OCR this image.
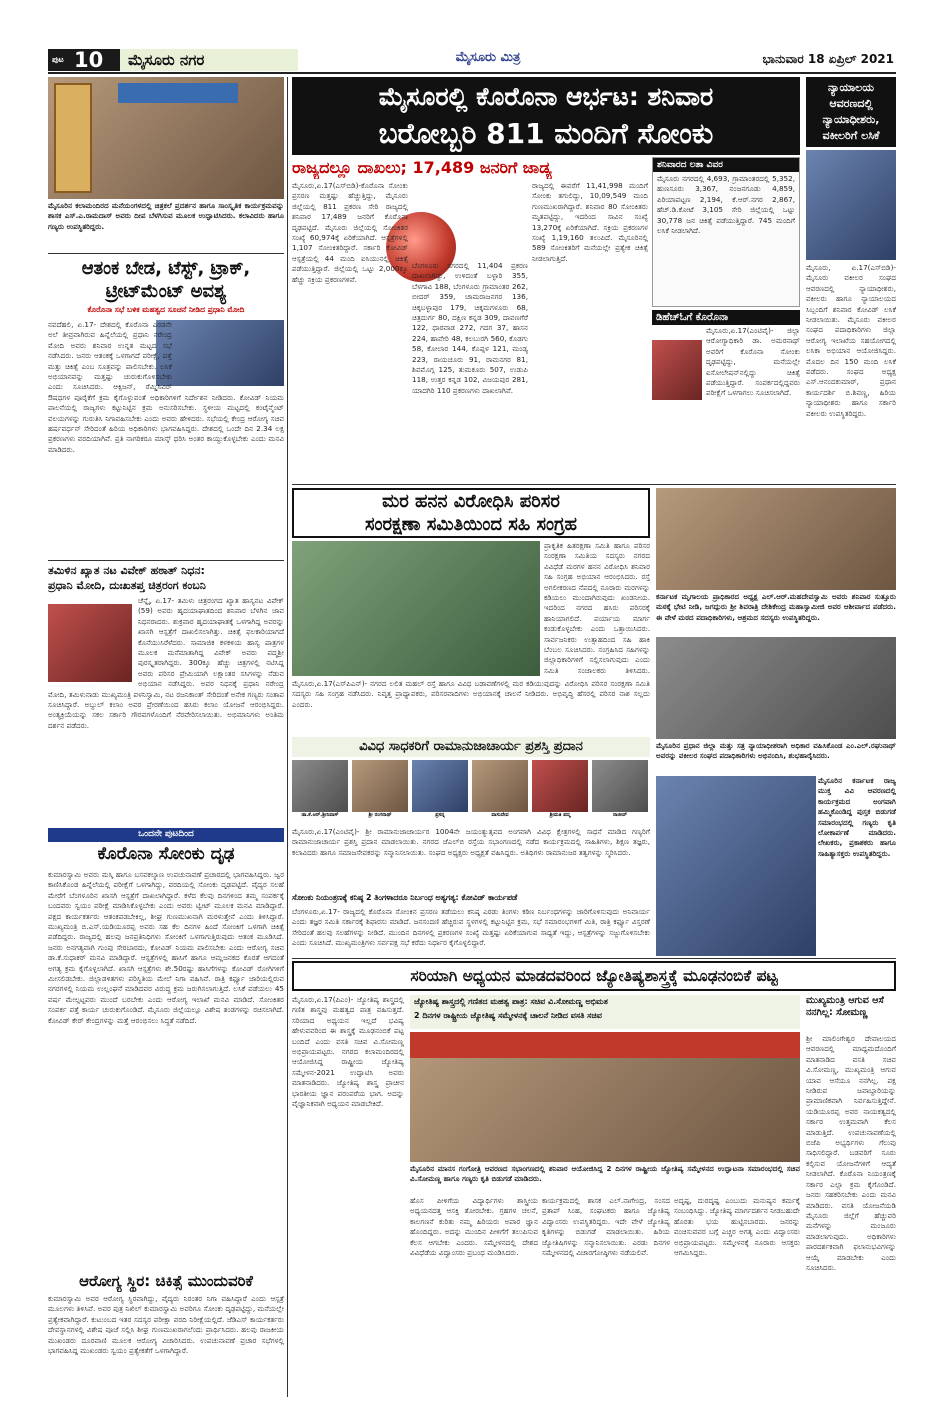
ಪುಟ 10 ಮೈಸೂರು ನಗರ	ಮೈಸೂರು ಮಿತ್ರ	ಭಾನುವಾರ 18 ಏಪ್ರಿಲ್ 2021

ಮೈಸೂರಿನ ಕಲಾಮಂದಿರದ ಮನೆಯಂಗಳದಲ್ಲಿ ಚಿತ್ರಕಲೆ ಪ್ರದರ್ಶನ ಹಾಗೂ ಸಾಂಸ್ಕೃತಿಕ ಕಾರ್ಯಕ್ರಮವನ್ನು ಶಾಸಕ ಎಸ್.ಎ.ರಾಮದಾಸ್ ಅವರು ದೀಪ ಬೆಳಗಿಸುವ ಮೂಲಕ ಉದ್ಘಾಟಿಸಿದರು. ಕಲಾವಿದರು ಹಾಗೂ ಗಣ್ಯರು ಉಪಸ್ಥಿತರಿದ್ದರು.

ಆತಂಕ ಬೇಡ, ಟೆಸ್ಟ್, ಟ್ರಾಕ್, ಟ್ರೀಟ್‌ಮೆಂಟ್ ಅವಶ್ಯ
ಕೊರೊನಾ ಸಭೆ ಬಳಿಕ ಮಹತ್ವದ ಸೂಚನೆ ನೀಡಿದ ಪ್ರಧಾನಿ ಮೋದಿ

ನವದೆಹಲಿ, ಏ.17- ದೇಶದಲ್ಲಿ ಕೊರೊನಾ ಎರಡನೇ ಅಲೆ ತೀವ್ರವಾಗಿರುವ ಹಿನ್ನೆಲೆಯಲ್ಲಿ ಪ್ರಧಾನಿ ನರೇಂದ್ರ ಮೋದಿ ಅವರು ಶನಿವಾರ ಉನ್ನತ ಮಟ್ಟದ ಸಭೆ ನಡೆಸಿದರು. ಜನರು ಆತಂಕಕ್ಕೆ ಒಳಗಾಗದೆ ಪರೀಕ್ಷೆ, ಪತ್ತೆ ಮತ್ತು ಚಿಕಿತ್ಸೆ ಎಂಬ ಸೂತ್ರವನ್ನು ಪಾಲಿಸಬೇಕು. ಲಸಿಕೆ ಅಭಿಯಾನವನ್ನು ಮತ್ತಷ್ಟು ಚುರುಕುಗೊಳಿಸಬೇಕು ಎಂದು ಸೂಚಿಸಿದರು. ಆಕ್ಸಿಜನ್, ರೆಮ್ಡಿಸಿವಿರ್ ಔಷಧಗಳ ಪೂರೈಕೆಗೆ ಕ್ರಮ ಕೈಗೊಳ್ಳುವಂತೆ ಅಧಿಕಾರಿಗಳಿಗೆ ನಿರ್ದೇಶನ ನೀಡಿದರು. ಕೋವಿಡ್ ನಿಯಮ ಪಾಲನೆಯಲ್ಲಿ ರಾಜ್ಯಗಳು ಕಟ್ಟುನಿಟ್ಟಿನ ಕ್ರಮ ಅನುಸರಿಸಬೇಕು. ಸ್ಥಳೀಯ ಮಟ್ಟದಲ್ಲಿ ಕಂಟೈನ್ಮೆಂಟ್ ವಲಯಗಳನ್ನು ಗುರುತಿಸಿ ನಿಗಾವಹಿಸಬೇಕು ಎಂದು ಅವರು ಹೇಳಿದರು. ಸಭೆಯಲ್ಲಿ ಕೇಂದ್ರ ಆರೋಗ್ಯ ಸಚಿವ ಹರ್ಷವರ್ಧನ್ ಸೇರಿದಂತೆ ಹಿರಿಯ ಅಧಿಕಾರಿಗಳು ಭಾಗವಹಿಸಿದ್ದರು. ದೇಶದಲ್ಲಿ ಒಂದೇ ದಿನ 2.34 ಲಕ್ಷ ಪ್ರಕರಣಗಳು ವರದಿಯಾಗಿವೆ. ಪ್ರತಿ ನಾಗರಿಕರೂ ಮಾಸ್ಕ್ ಧರಿಸಿ ಅಂತರ ಕಾಯ್ದುಕೊಳ್ಳಬೇಕು ಎಂದು ಮನವಿ ಮಾಡಿದರು.

ತಮಿಳಿನ ಖ್ಯಾತ ನಟ ವಿವೇಕ್ ಹಠಾತ್ ನಿಧನ:
ಪ್ರಧಾನಿ ಮೋದಿ, ದುಃಖತಪ್ತ ಚಿತ್ರರಂಗ ಕಂಬನಿ

ಚೆನ್ನೈ, ಏ.17- ತಮಿಳು ಚಿತ್ರರಂಗದ ಖ್ಯಾತ ಹಾಸ್ಯನಟ ವಿವೇಕ್ (59) ಅವರು ಹೃದಯಾಘಾತದಿಂದ ಶನಿವಾರ ಬೆಳಗಿನ ಜಾವ ನಿಧನರಾದರು. ಶುಕ್ರವಾರ ಹೃದಯಾಘಾತಕ್ಕೆ ಒಳಗಾಗಿದ್ದ ಅವರನ್ನು ಖಾಸಗಿ ಆಸ್ಪತ್ರೆಗೆ ದಾಖಲಿಸಲಾಗಿತ್ತು. ಚಿಕಿತ್ಸೆ ಫಲಕಾರಿಯಾಗದೆ ಕೊನೆಯುಸಿರೆಳೆದರು. ಸಾಮಾಜಿಕ ಕಳಕಳಿಯ ಹಾಸ್ಯ ಪಾತ್ರಗಳ ಮೂಲಕ ಮನೆಮಾತಾಗಿದ್ದ ವಿವೇಕ್ ಅವರು ಪದ್ಮಶ್ರೀ ಪುರಸ್ಕೃತರಾಗಿದ್ದರು. 300ಕ್ಕೂ ಹೆಚ್ಚು ಚಿತ್ರಗಳಲ್ಲಿ ನಟಿಸಿದ್ದ ಅವರು ಪರಿಸರ ಪ್ರೇಮಿಯಾಗಿ ಲಕ್ಷಾಂತರ ಸಸಿಗಳನ್ನು ನೆಡುವ ಅಭಿಯಾನ ನಡೆಸಿದ್ದರು. ಅವರ ನಿಧನಕ್ಕೆ ಪ್ರಧಾನಿ ನರೇಂದ್ರ ಮೋದಿ, ತಮಿಳುನಾಡು ಮುಖ್ಯಮಂತ್ರಿ ಪಳನಿಸ್ವಾಮಿ, ನಟ ರಜನಿಕಾಂತ್ ಸೇರಿದಂತೆ ಅನೇಕ ಗಣ್ಯರು ಸಂತಾಪ ಸೂಚಿಸಿದ್ದಾರೆ. ಅಬ್ದುಲ್ ಕಲಾಂ ಅವರ ಪ್ರೇರಣೆಯಿಂದ ಹಸಿರು ಕಲಾಂ ಯೋಜನೆ ಆರಂಭಿಸಿದ್ದರು. ಅಂತ್ಯಕ್ರಿಯೆಯನ್ನು ಸಕಲ ಸರ್ಕಾರಿ ಗೌರವಗಳೊಂದಿಗೆ ನೆರವೇರಿಸಲಾಯಿತು. ಅಭಿಮಾನಿಗಳು ಅಂತಿಮ ದರ್ಶನ ಪಡೆದರು.

ಒಂದನೇ ಪುಟದಿಂದ
ಕೊರೊನಾ ಸೋಂಕು ದೃಢ

ಕುಮಾರಸ್ವಾಮಿ ಅವರು ಮಸ್ಕಿ ಹಾಗೂ ಬಸವಕಲ್ಯಾಣ ಉಪಚುನಾವಣೆ ಪ್ರಚಾರದಲ್ಲಿ ಭಾಗವಹಿಸಿದ್ದರು. ಜ್ವರ ಕಾಣಿಸಿಕೊಂಡ ಹಿನ್ನೆಲೆಯಲ್ಲಿ ಪರೀಕ್ಷೆಗೆ ಒಳಗಾಗಿದ್ದು, ವರದಿಯಲ್ಲಿ ಸೋಂಕು ದೃಢಪಟ್ಟಿದೆ. ವೈದ್ಯರ ಸಲಹೆ ಮೇರೆಗೆ ಬೆಂಗಳೂರಿನ ಖಾಸಗಿ ಆಸ್ಪತ್ರೆಗೆ ದಾಖಲಾಗಿದ್ದಾರೆ. ಕಳೆದ ಕೆಲವು ದಿನಗಳಿಂದ ತಮ್ಮ ಸಂಪರ್ಕಕ್ಕೆ ಬಂದವರು ಸ್ವಯಂ ಪರೀಕ್ಷೆ ಮಾಡಿಸಿಕೊಳ್ಳಬೇಕು ಎಂದು ಅವರು ಟ್ವೀಟ್ ಮೂಲಕ ಮನವಿ ಮಾಡಿದ್ದಾರೆ. ಪಕ್ಷದ ಕಾರ್ಯಕರ್ತರು ಆತಂಕಪಡಬೇಕಿಲ್ಲ, ಶೀಘ್ರ ಗುಣಮುಖನಾಗಿ ಮರಳುತ್ತೇನೆ ಎಂದು ತಿಳಿಸಿದ್ದಾರೆ. ಮುಖ್ಯಮಂತ್ರಿ ಬಿ.ಎಸ್.ಯಡಿಯೂರಪ್ಪ ಅವರು ಸಹ ಕೆಲ ದಿನಗಳ ಹಿಂದೆ ಸೋಂಕಿಗೆ ಒಳಗಾಗಿ ಚಿಕಿತ್ಸೆ ಪಡೆದಿದ್ದರು. ರಾಜ್ಯದಲ್ಲಿ ಹಲವು ಜನಪ್ರತಿನಿಧಿಗಳು ಸೋಂಕಿಗೆ ಒಳಗಾಗುತ್ತಿರುವುದು ಆತಂಕ ಮೂಡಿಸಿದೆ. ಜನರು ಅನಗತ್ಯವಾಗಿ ಗುಂಪು ಸೇರಬಾರದು, ಕೋವಿಡ್ ನಿಯಮ ಪಾಲಿಸಬೇಕು ಎಂದು ಆರೋಗ್ಯ ಸಚಿವ ಡಾ.ಕೆ.ಸುಧಾಕರ್ ಮನವಿ ಮಾಡಿದ್ದಾರೆ. ಆಸ್ಪತ್ರೆಗಳಲ್ಲಿ ಹಾಸಿಗೆ ಹಾಗೂ ಆಮ್ಲಜನಕದ ಕೊರತೆ ಆಗದಂತೆ ಅಗತ್ಯ ಕ್ರಮ ಕೈಗೊಳ್ಳಲಾಗಿದೆ. ಖಾಸಗಿ ಆಸ್ಪತ್ರೆಗಳು ಶೇ.50ರಷ್ಟು ಹಾಸಿಗೆಗಳನ್ನು ಕೋವಿಡ್ ರೋಗಿಗಳಿಗೆ ಮೀಸಲಿಡಬೇಕು. ಜಿಲ್ಲಾಡಳಿತಗಳು ಪರಿಸ್ಥಿತಿಯ ಮೇಲೆ ನಿಗಾ ವಹಿಸಿವೆ. ರಾತ್ರಿ ಕರ್ಫ್ಯೂ ಜಾರಿಯಲ್ಲಿರುವ ನಗರಗಳಲ್ಲಿ ನಿಯಮ ಉಲ್ಲಂಘನೆ ಮಾಡಿದವರ ವಿರುದ್ಧ ಕ್ರಮ ಜರುಗಿಸಲಾಗುತ್ತಿದೆ. ಲಸಿಕೆ ಪಡೆಯಲು 45 ವರ್ಷ ಮೇಲ್ಪಟ್ಟವರು ಮುಂದೆ ಬರಬೇಕು ಎಂದು ಆರೋಗ್ಯ ಇಲಾಖೆ ಮನವಿ ಮಾಡಿದೆ. ಸೋಂಕಿತರ ಸಂಪರ್ಕ ಪತ್ತೆ ಕಾರ್ಯ ಚುರುಕುಗೊಂಡಿದೆ. ಮೈಸೂರು ಜಿಲ್ಲೆಯಲ್ಲೂ ವಿಶೇಷ ತಂಡಗಳನ್ನು ರಚಿಸಲಾಗಿದೆ. ಕೋವಿಡ್ ಕೇರ್ ಕೇಂದ್ರಗಳನ್ನು ಮತ್ತೆ ಆರಂಭಿಸಲು ಸಿದ್ಧತೆ ನಡೆದಿದೆ.

ಆರೋಗ್ಯ ಸ್ಥಿರ: ಚಿಕಿತ್ಸೆ ಮುಂದುವರಿಕೆ

ಕುಮಾರಸ್ವಾಮಿ ಅವರ ಆರೋಗ್ಯ ಸ್ಥಿರವಾಗಿದ್ದು, ವೈದ್ಯರು ನಿರಂತರ ನಿಗಾ ವಹಿಸಿದ್ದಾರೆ ಎಂದು ಆಸ್ಪತ್ರೆ ಮೂಲಗಳು ತಿಳಿಸಿವೆ. ಅವರ ಪುತ್ರ ನಿಖಿಲ್ ಕುಮಾರಸ್ವಾಮಿ ಅವರಿಗೂ ಸೋಂಕು ದೃಢಪಟ್ಟಿದ್ದು, ಮನೆಯಲ್ಲೇ ಪ್ರತ್ಯೇಕವಾಗಿದ್ದಾರೆ. ಕುಟುಂಬದ ಇತರ ಸದಸ್ಯರ ಪರೀಕ್ಷಾ ವರದಿ ನಿರೀಕ್ಷೆಯಲ್ಲಿದೆ. ಜೆಡಿಎಸ್ ಕಾರ್ಯಕರ್ತರು ದೇವಸ್ಥಾನಗಳಲ್ಲಿ ವಿಶೇಷ ಪೂಜೆ ಸಲ್ಲಿಸಿ ಶೀಘ್ರ ಗುಣಮುಖರಾಗಲೆಂದು ಪ್ರಾರ್ಥಿಸಿದರು. ಹಲವು ರಾಜಕೀಯ ಮುಖಂಡರು ದೂರವಾಣಿ ಮೂಲಕ ಆರೋಗ್ಯ ವಿಚಾರಿಸಿದರು. ಉಪಚುನಾವಣೆ ಪ್ರಚಾರ ಸಭೆಗಳಲ್ಲಿ ಭಾಗವಹಿಸಿದ್ದ ಮುಖಂಡರು ಸ್ವಯಂ ಪ್ರತ್ಯೇಕತೆಗೆ ಒಳಗಾಗಿದ್ದಾರೆ.

ಮೈಸೂರಲ್ಲಿ ಕೊರೊನಾ ಆರ್ಭಟ: ಶನಿವಾರ
ಬರೋಬ್ಬರಿ 811 ಮಂದಿಗೆ ಸೋಂಕು
ರಾಜ್ಯದಲ್ಲೂ ದಾಖಲು; 17,489 ಜನರಿಗೆ ಜಾಡ್ಯ

ಮೈಸೂರು,ಏ.17(ಎಸ್‌ಬಿಡಿ)-ಕೊರೊನಾ ಸೋಂಕು ಪ್ರಸರಣ ಮತ್ತಷ್ಟು ಹೆಚ್ಚುತ್ತಿದ್ದು, ಮೈಸೂರು ಜಿಲ್ಲೆಯಲ್ಲಿ 811 ಪ್ರಕರಣ ಸೇರಿ ರಾಜ್ಯದಲ್ಲಿ ಶನಿವಾರ 17,489 ಜನರಿಗೆ ಕೊರೊನಾ ದೃಢಪಟ್ಟಿದೆ. ಮೈಸೂರು ಜಿಲ್ಲೆಯಲ್ಲಿ ಸೋಂಕಿತರ ಸಂಖ್ಯೆ 60,974ಕ್ಕೆ ಏರಿಕೆಯಾಗಿದೆ. ಆಸ್ಪತ್ರೆಗಳಲ್ಲಿ 1,107 ಸೋಂಕಿತರಿದ್ದಾರೆ. ಸರ್ಕಾರಿ ಕೋವಿಡ್ ಆಸ್ಪತ್ರೆಯಲ್ಲಿ 44 ಮಂದಿ ಐಸಿಯುನಲ್ಲಿ ಚಿಕಿತ್ಸೆ ಪಡೆಯುತ್ತಿದ್ದಾರೆ. ಜಿಲ್ಲೆಯಲ್ಲಿ ಒಟ್ಟು 2,000ಕ್ಕೂ ಹೆಚ್ಚು ಸಕ್ರಿಯ ಪ್ರಕರಣಗಳಿವೆ.

ಬೆಂಗಳೂರು ನಗರದಲ್ಲಿ 11,404 ಪ್ರಕರಣ ದಾಖಲಾಗಿದ್ದು, ಉಳಿದಂತೆ ಬಳ್ಳಾರಿ 355, ಬೆಳಗಾವಿ 188, ಬೆಂಗಳೂರು ಗ್ರಾಮಾಂತರ 262, ಬೀದರ್ 359, ಚಾಮರಾಜನಗರ 136, ಚಿಕ್ಕಬಳ್ಳಾಪುರ 179, ಚಿಕ್ಕಮಗಳೂರು 68, ಚಿತ್ರದುರ್ಗ 80, ದಕ್ಷಿಣ ಕನ್ನಡ 309, ದಾವಣಗೆರೆ 122, ಧಾರವಾಡ 272, ಗದಗ 37, ಹಾಸನ 224, ಹಾವೇರಿ 48, ಕಲಬುರಗಿ 560, ಕೊಡಗು 58, ಕೋಲಾರ 144, ಕೊಪ್ಪಳ 121, ಮಂಡ್ಯ 223, ರಾಯಚೂರು 91, ರಾಮನಗರ 81, ಶಿವಮೊಗ್ಗ 125, ತುಮಕೂರು 507, ಉಡುಪಿ 118, ಉತ್ತರ ಕನ್ನಡ 102, ವಿಜಯಪುರ 281, ಯಾದಗಿರಿ 110 ಪ್ರಕರಣಗಳು ದಾಖಲಾಗಿವೆ.

ರಾಜ್ಯದಲ್ಲಿ ಈವರೆಗೆ 11,41,998 ಮಂದಿಗೆ ಸೋಂಕು ತಗುಲಿದ್ದು, 10,09,549 ಮಂದಿ ಗುಣಮುಖರಾಗಿದ್ದಾರೆ. ಶನಿವಾರ 80 ಸೋಂಕಿತರು ಮೃತಪಟ್ಟಿದ್ದು, ಇದರಿಂದ ಸಾವಿನ ಸಂಖ್ಯೆ 13,270ಕ್ಕೆ ಏರಿಕೆಯಾಗಿದೆ. ಸಕ್ರಿಯ ಪ್ರಕರಣಗಳ ಸಂಖ್ಯೆ 1,19,160 ತಲುಪಿದೆ. ಮೈಸೂರಿನಲ್ಲಿ 589 ಸೋಂಕಿತರಿಗೆ ಮನೆಯಲ್ಲೇ ಪ್ರತ್ಯೇಕ ಚಿಕಿತ್ಸೆ ನೀಡಲಾಗುತ್ತಿದೆ.

ಶನಿವಾರದ ಲತಾ ವಿವರ
ಮೈಸೂರು ನಗರದಲ್ಲಿ 4,693, ಗ್ರಾಮಾಂತರದಲ್ಲಿ 5,352, ಹುಣಸೂರು 3,367, ನಂಜನಗೂಡು 4,859, ಪಿರಿಯಾಪಟ್ಟಣ 2,194, ಕೆ.ಆರ್.ನಗರ 2,867, ಹೆಚ್.ಡಿ.ಕೋಟೆ 3,105 ಸೇರಿ ಜಿಲ್ಲೆಯಲ್ಲಿ ಒಟ್ಟು 30,778 ಜನ ಚಿಕಿತ್ಸೆ ಪಡೆಯುತ್ತಿದ್ದಾರೆ. 745 ಮಂದಿಗೆ ಲಸಿಕೆ ನೀಡಲಾಗಿದೆ.
ಡಿಹೆಚ್‌ಓಗೆ ಕೊರೊನಾ

ಮೈಸೂರು,ಏ.17(ಎಂಟಿವೈ)- ಜಿಲ್ಲಾ ಆರೋಗ್ಯಾಧಿಕಾರಿ ಡಾ. ಅಮರನಾಥ್ ಅವರಿಗೆ ಕೊರೊನಾ ಸೋಂಕು ದೃಢಪಟ್ಟಿದ್ದು, ಮನೆಯಲ್ಲೇ ಐಸೋಲೇಷನ್‌ನಲ್ಲಿದ್ದು ಚಿಕಿತ್ಸೆ ಪಡೆಯುತ್ತಿದ್ದಾರೆ. ಸಂಪರ್ಕದಲ್ಲಿದ್ದವರು ಪರೀಕ್ಷೆಗೆ ಒಳಗಾಗಲು ಸೂಚಿಸಲಾಗಿದೆ.

ನ್ಯಾಯಾಲಯ ಆವರಣದಲ್ಲಿ ನ್ಯಾಯಾಧೀಶರು, ವಕೀಲರಿಗೆ ಲಸಿಕೆ

ಮೈಸೂರು, ಏ.17(ಎಸ್‌ಬಿಡಿ)- ಮೈಸೂರು ವಕೀಲರ ಸಂಘದ ಆವರಣದಲ್ಲಿ ನ್ಯಾಯಾಧೀಶರು, ವಕೀಲರು ಹಾಗೂ ನ್ಯಾಯಾಲಯದ ಸಿಬ್ಬಂದಿಗೆ ಶನಿವಾರ ಕೋವಿಡ್ ಲಸಿಕೆ ನೀಡಲಾಯಿತು. ಮೈಸೂರು ವಕೀಲರ ಸಂಘದ ಪದಾಧಿಕಾರಿಗಳು ಜಿಲ್ಲಾ ಆರೋಗ್ಯ ಇಲಾಖೆಯ ಸಹಯೋಗದಲ್ಲಿ ಲಸಿಕಾ ಅಭಿಯಾನ ಆಯೋಜಿಸಿದ್ದರು. ಮೊದಲ ದಿನ 150 ಮಂದಿ ಲಸಿಕೆ ಪಡೆದರು. ಸಂಘದ ಅಧ್ಯಕ್ಷ ಎಸ್.ಆನಂದಕುಮಾರ್, ಪ್ರಧಾನ ಕಾರ್ಯದರ್ಶಿ ಬಿ.ಶಿವಣ್ಣ, ಹಿರಿಯ ನ್ಯಾಯಾಧೀಶರು ಹಾಗೂ ಸರ್ಕಾರಿ ವಕೀಲರು ಉಪಸ್ಥಿತರಿದ್ದರು.

ಮರ ಹನನ ವಿರೋಧಿಸಿ ಪರಿಸರ
ಸಂರಕ್ಷಣಾ ಸಮಿತಿಯಿಂದ ಸಹಿ ಸಂಗ್ರಹ

ಪ್ರಾಕೃತಿಕ ಹಿತರಕ್ಷಣಾ ಸಮಿತಿ ಹಾಗೂ ಪರಿಸರ ಸಂರಕ್ಷಣಾ ಸಮಿತಿಯ ಸದಸ್ಯರು ನಗರದ ವಿವಿಧೆಡೆ ಮರಗಳ ಹನನ ವಿರೋಧಿಸಿ ಶನಿವಾರ ಸಹಿ ಸಂಗ್ರಹ ಅಭಿಯಾನ ಆರಂಭಿಸಿದರು. ರಸ್ತೆ ಅಗಲೀಕರಣದ ನೆಪದಲ್ಲಿ ನೂರಾರು ಮರಗಳನ್ನು ಕಡಿಯಲು ಮುಂದಾಗಿರುವುದು ಖಂಡನೀಯ. ಇದರಿಂದ ನಗರದ ಹಸಿರು ಪರಿಸರಕ್ಕೆ ಹಾನಿಯಾಗಲಿದೆ. ಪರ್ಯಾಯ ಮಾರ್ಗ ಕಂಡುಕೊಳ್ಳಬೇಕು ಎಂದು ಒತ್ತಾಯಿಸಿದರು. ಸಾರ್ವಜನಿಕರು ಉತ್ಸಾಹದಿಂದ ಸಹಿ ಹಾಕಿ ಬೆಂಬಲ ಸೂಚಿಸಿದರು. ಸಂಗ್ರಹಿಸಿದ ಸಹಿಗಳನ್ನು ಜಿಲ್ಲಾಧಿಕಾರಿಗಳಿಗೆ ಸಲ್ಲಿಸಲಾಗುವುದು ಎಂದು ಸಮಿತಿ ಸಂಚಾಲಕರು ತಿಳಿಸಿದರು.

ಮೈಸೂರು,ಏ.17(ಎಸ್‌ಪಿಎನ್)- ನಗರದ ಲಲಿತ ಮಹಲ್ ರಸ್ತೆ ಹಾಗೂ ವಿವಿಧ ಬಡಾವಣೆಗಳಲ್ಲಿ ಮರ ಕಡಿಯುವುದನ್ನು ವಿರೋಧಿಸಿ ಪರಿಸರ ಸಂರಕ್ಷಣಾ ಸಮಿತಿ ಸದಸ್ಯರು ಸಹಿ ಸಂಗ್ರಹ ನಡೆಸಿದರು. ನಿವೃತ್ತ ಪ್ರಾಧ್ಯಾಪಕರು, ಪರಿಸರವಾದಿಗಳು ಅಭಿಯಾನಕ್ಕೆ ಚಾಲನೆ ನೀಡಿದರು. ಅಭಿವೃದ್ಧಿ ಹೆಸರಲ್ಲಿ ಪರಿಸರ ನಾಶ ಸಲ್ಲದು ಎಂದರು.

ವಿವಿಧ ಸಾಧಕರಿಗೆ ರಾಮಾನುಜಾಚಾರ್ಯ ಪ್ರಶಸ್ತಿ ಪ್ರದಾನ
ಡಾ.ಕೆ.ಆರ್.ಶ್ರೀನಿವಾಸ್	ಶ್ರೀ ರಂಗನಾಥ್	ಪ್ರಸನ್ನ	ವಾಸುದೇವ	ಶ್ರೀಮತಿ ಪದ್ಮ	ರಾಜೀವ್

ಮೈಸೂರು,ಏ.17(ಎಂಟಿವೈ)- ಶ್ರೀ ರಾಮಾನುಜಾಚಾರ್ಯರ 1004ನೇ ಜಯಂತ್ಯುತ್ಸವದ ಅಂಗವಾಗಿ ವಿವಿಧ ಕ್ಷೇತ್ರಗಳಲ್ಲಿ ಸಾಧನೆ ಮಾಡಿದ ಗಣ್ಯರಿಗೆ ರಾಮಾನುಜಾಚಾರ್ಯ ಪ್ರಶಸ್ತಿ ಪ್ರದಾನ ಮಾಡಲಾಯಿತು. ನಗರದ ಜೆಎಲ್‌ಬಿ ರಸ್ತೆಯ ಸಭಾಂಗಣದಲ್ಲಿ ನಡೆದ ಕಾರ್ಯಕ್ರಮದಲ್ಲಿ ಸಾಹಿತಿಗಳು, ಶಿಕ್ಷಣ ತಜ್ಞರು, ಕಲಾವಿದರು ಹಾಗೂ ಸಮಾಜಸೇವಕರನ್ನು ಸನ್ಮಾನಿಸಲಾಯಿತು. ಸಂಘದ ಅಧ್ಯಕ್ಷರು ಅಧ್ಯಕ್ಷತೆ ವಹಿಸಿದ್ದರು. ಅತಿಥಿಗಳು ರಾಮಾನುಜರ ತತ್ವಗಳನ್ನು ಸ್ಮರಿಸಿದರು.

ಸೋಂಕು ನಿಯಂತ್ರಣಕ್ಕೆ ಕನಿಷ್ಠ 2 ತಿಂಗಳಾದರೂ ನಿರ್ಬಂಧ ಅತ್ಯಗತ್ಯ: ಕೋವಿಡ್ ಕಾರ್ಯಪಡೆ

ಬೆಂಗಳೂರು,ಏ.17- ರಾಜ್ಯದಲ್ಲಿ ಕೊರೊನಾ ಸೋಂಕಿನ ಪ್ರಸರಣ ತಡೆಯಲು ಕನಿಷ್ಠ ಎರಡು ತಿಂಗಳು ಕಠಿಣ ನಿರ್ಬಂಧಗಳನ್ನು ಜಾರಿಗೊಳಿಸುವುದು ಅನಿವಾರ್ಯ ಎಂದು ತಜ್ಞರ ಸಮಿತಿ ಸರ್ಕಾರಕ್ಕೆ ಶಿಫಾರಸು ಮಾಡಿದೆ. ಜನಸಂದಣಿ ಹೆಚ್ಚಿರುವ ಸ್ಥಳಗಳಲ್ಲಿ ಕಟ್ಟುನಿಟ್ಟಿನ ಕ್ರಮ, ಸಭೆ ಸಮಾರಂಭಗಳಿಗೆ ಮಿತಿ, ರಾತ್ರಿ ಕರ್ಫ್ಯೂ ವಿಸ್ತರಣೆ ಸೇರಿದಂತೆ ಹಲವು ಸಲಹೆಗಳನ್ನು ನೀಡಿದೆ. ಮುಂದಿನ ದಿನಗಳಲ್ಲಿ ಪ್ರಕರಣಗಳ ಸಂಖ್ಯೆ ಮತ್ತಷ್ಟು ಏರಿಕೆಯಾಗುವ ಸಾಧ್ಯತೆ ಇದ್ದು, ಆಸ್ಪತ್ರೆಗಳನ್ನು ಸಜ್ಜುಗೊಳಿಸಬೇಕು ಎಂದು ಸೂಚಿಸಿದೆ. ಮುಖ್ಯಮಂತ್ರಿಗಳು ಸರ್ವಪಕ್ಷ ಸಭೆ ಕರೆದು ನಿರ್ಧಾರ ಕೈಗೊಳ್ಳಲಿದ್ದಾರೆ.

ಕರ್ನಾಟಕ ಮೃಗಾಲಯ ಪ್ರಾಧಿಕಾರದ ಅಧ್ಯಕ್ಷ ಎಲ್.ಆರ್.ಮಹದೇವಸ್ವಾಮಿ ಅವರು ಶನಿವಾರ ಸುತ್ತೂರು ಮಠಕ್ಕೆ ಭೇಟಿ ನೀಡಿ, ಜಗದ್ಗುರು ಶ್ರೀ ಶಿವರಾತ್ರಿ ದೇಶಿಕೇಂದ್ರ ಮಹಾಸ್ವಾಮೀಜಿ ಅವರ ಆಶೀರ್ವಾದ ಪಡೆದರು. ಈ ವೇಳೆ ಮಠದ ಪದಾಧಿಕಾರಿಗಳು, ಆಶ್ರಮದ ಸದಸ್ಯರು ಉಪಸ್ಥಿತರಿದ್ದರು.

ಮೈಸೂರಿನ ಪ್ರಧಾನ ಜಿಲ್ಲಾ ಮತ್ತು ಸತ್ರ ನ್ಯಾಯಾಧೀಶರಾಗಿ ಅಧಿಕಾರ ವಹಿಸಿಕೊಂಡ ಎಂ.ಎಲ್.ರಘುನಾಥ್ ಅವರನ್ನು ವಕೀಲರ ಸಂಘದ ಪದಾಧಿಕಾರಿಗಳು ಅಭಿನಂದಿಸಿ, ಶುಭಹಾರೈಸಿದರು.

ಮೈಸೂರಿನ ಕರ್ನಾಟಕ ರಾಜ್ಯ ಮುಕ್ತ ವಿವಿ ಆವರಣದಲ್ಲಿ ಕಾರ್ಯಕ್ರಮದ ಅಂಗವಾಗಿ ಹಮ್ಮಿಕೊಂಡಿದ್ದ ಪುಸ್ತಕ ಬಿಡುಗಡೆ ಸಮಾರಂಭದಲ್ಲಿ ಗಣ್ಯರು ಕೃತಿ ಲೋಕಾರ್ಪಣೆ ಮಾಡಿದರು. ಲೇಖಕರು, ಪ್ರಕಾಶಕರು ಹಾಗೂ ಸಾಹಿತ್ಯಾಸಕ್ತರು ಉಪಸ್ಥಿತರಿದ್ದರು.

ಸರಿಯಾಗಿ ಅಧ್ಯಯನ ಮಾಡದವರಿಂದ ಜ್ಯೋತಿಷ್ಯಶಾಸ್ತ್ರಕ್ಕೆ ಮೂಢನಂಬಿಕೆ ಪಟ್ಟ

ಮೈಸೂರು,ಏ.17(ಪಿಎಂ)- ಜ್ಯೋತಿಷ್ಯ ಶಾಸ್ತ್ರದಲ್ಲಿ ಗಣಿತ ಶಾಸ್ತ್ರವು ಮಹತ್ವದ ಪಾತ್ರ ವಹಿಸುತ್ತದೆ. ಸರಿಯಾದ ಅಧ್ಯಯನ ಇಲ್ಲದೆ ಭವಿಷ್ಯ ಹೇಳುವವರಿಂದ ಈ ಶಾಸ್ತ್ರಕ್ಕೆ ಮೂಢನಂಬಿಕೆ ಪಟ್ಟ ಬಂದಿದೆ ಎಂದು ವಸತಿ ಸಚಿವ ವಿ.ಸೋಮಣ್ಣ ಅಭಿಪ್ರಾಯಪಟ್ಟರು. ನಗರದ ಕಲಾಮಂದಿರದಲ್ಲಿ ಆಯೋಜಿಸಿದ್ದ ರಾಷ್ಟ್ರೀಯ ಜ್ಯೋತಿಷ್ಯ ಸಮ್ಮೇಳನ-2021 ಉದ್ಘಾಟಿಸಿ ಅವರು ಮಾತನಾಡಿದರು. ಜ್ಯೋತಿಷ್ಯ ಶಾಸ್ತ್ರ ಪ್ರಾಚೀನ ಭಾರತೀಯ ಜ್ಞಾನ ಪರಂಪರೆಯ ಭಾಗ. ಅದನ್ನು ವೈಜ್ಞಾನಿಕವಾಗಿ ಅಧ್ಯಯನ ಮಾಡಬೇಕಿದೆ.

ಜ್ಯೋತಿಷ್ಯ ಶಾಸ್ತ್ರದಲ್ಲಿ ಗಣಿತದ ಮಹತ್ವ ಪಾತ್ರ: ಸಚಿವ ವಿ.ಸೋಮಣ್ಣ ಅಭಿಮತ
2 ದಿನಗಳ ರಾಷ್ಟ್ರೀಯ ಜ್ಯೋತಿಷ್ಯ ಸಮ್ಮೇಳನಕ್ಕೆ ಚಾಲನೆ ನೀಡಿದ ವಸತಿ ಸಚಿವ

ಮೈಸೂರಿನ ಮಾನಸ ಗಂಗೋತ್ರಿ ಆವರಣದ ಸಭಾಂಗಣದಲ್ಲಿ ಶನಿವಾರ ಆಯೋಜಿಸಿದ್ದ 2 ದಿನಗಳ ರಾಷ್ಟ್ರೀಯ ಜ್ಯೋತಿಷ್ಯ ಸಮ್ಮೇಳನದ ಉದ್ಘಾಟನಾ ಸಮಾರಂಭದಲ್ಲಿ ಸಚಿವ ವಿ.ಸೋಮಣ್ಣ ಹಾಗೂ ಗಣ್ಯರು ಕೃತಿ ಬಿಡುಗಡೆ ಮಾಡಿದರು.

ಹೊಸ ಪೀಳಿಗೆಯ ವಿದ್ಯಾರ್ಥಿಗಳು ಶಾಸ್ತ್ರೀಯ ಅಧ್ಯಯನದತ್ತ ಆಸಕ್ತಿ ತೋರಬೇಕು. ಗ್ರಹಗಳ ಚಲನೆ, ಕಾಲಗಣನೆ ಕುರಿತು ನಮ್ಮ ಹಿರಿಯರು ಅಪಾರ ಜ್ಞಾನ ಹೊಂದಿದ್ದರು. ಅದನ್ನು ಮುಂದಿನ ಪೀಳಿಗೆಗೆ ತಲುಪಿಸುವ ಕೆಲಸ ಆಗಬೇಕು ಎಂದರು. ಸಮ್ಮೇಳನದಲ್ಲಿ ದೇಶದ ವಿವಿಧೆಡೆಯ ವಿದ್ವಾಂಸರು ಪ್ರಬಂಧ ಮಂಡಿಸಿದರು.

ಕಾರ್ಯಕ್ರಮದಲ್ಲಿ ಶಾಸಕ ಎಲ್.ನಾಗೇಂದ್ರ, ಸಂಸದ ಪ್ರತಾಪ್ ಸಿಂಹ, ಸಂಘಟಕರು ಹಾಗೂ ಜ್ಯೋತಿಷ್ಯ ವಿದ್ವಾಂಸರು ಉಪಸ್ಥಿತರಿದ್ದರು. ಇದೇ ವೇಳೆ ಜ್ಯೋತಿಷ್ಯ ಕೃತಿಗಳನ್ನು ಬಿಡುಗಡೆ ಮಾಡಲಾಯಿತು. ಹಿರಿಯ ಜ್ಯೋತಿಷಿಗಳನ್ನು ಸನ್ಮಾನಿಸಲಾಯಿತು. ಎರಡು ದಿನಗಳ ಸಮ್ಮೇಳನದಲ್ಲಿ ವಿಚಾರಗೋಷ್ಠಿಗಳು ನಡೆಯಲಿವೆ.

ಅದೃಷ್ಟ, ದುರದೃಷ್ಟ ಎಂಬುದು ಮನುಷ್ಯನ ಕರ್ಮಕ್ಕೆ ಸಂಬಂಧಿಸಿದ್ದು. ಜ್ಯೋತಿಷ್ಯ ಮಾರ್ಗದರ್ಶನ ನೀಡಬಹುದೇ ಹೊರತು ಭಯ ಹುಟ್ಟಿಸಬಾರದು. ಜನರನ್ನು ವಂಚಿಸುವವರ ಬಗ್ಗೆ ಎಚ್ಚರ ಅಗತ್ಯ ಎಂದು ವಿದ್ವಾಂಸರು ಅಭಿಪ್ರಾಯಪಟ್ಟರು. ಸಮ್ಮೇಳನಕ್ಕೆ ನೂರಾರು ಆಸಕ್ತರು ಆಗಮಿಸಿದ್ದರು.

ಮುಖ್ಯಮಂತ್ರಿ ಆಗುವ ಆಸೆ ನನಗಿಲ್ಲ: ಸೋಮಣ್ಣ

ಶ್ರೀ ಮಾಲಿಂಗೇಶ್ವರ ದೇವಾಲಯದ ಆವರಣದಲ್ಲಿ ಮಾಧ್ಯಮದೊಂದಿಗೆ ಮಾತನಾಡಿದ ವಸತಿ ಸಚಿವ ವಿ.ಸೋಮಣ್ಣ, ಮುಖ್ಯಮಂತ್ರಿ ಆಗುವ ಯಾವ ಆಸೆಯೂ ನನಗಿಲ್ಲ. ಪಕ್ಷ ನೀಡಿರುವ ಜವಾಬ್ದಾರಿಯನ್ನು ಪ್ರಾಮಾಣಿಕವಾಗಿ ನಿರ್ವಹಿಸುತ್ತಿದ್ದೇನೆ. ಯಡಿಯೂರಪ್ಪ ಅವರ ನಾಯಕತ್ವದಲ್ಲಿ ಸರ್ಕಾರ ಉತ್ತಮವಾಗಿ ಕೆಲಸ ಮಾಡುತ್ತಿದೆ. ಉಪಚುನಾವಣೆಯಲ್ಲಿ ಬಿಜೆಪಿ ಅಭ್ಯರ್ಥಿಗಳು ಗೆಲುವು ಸಾಧಿಸಲಿದ್ದಾರೆ. ಬಡವರಿಗೆ ಸೂರು ಕಲ್ಪಿಸುವ ಯೋಜನೆಗಳಿಗೆ ಆದ್ಯತೆ ನೀಡಲಾಗಿದೆ. ಕೊರೊನಾ ನಿಯಂತ್ರಣಕ್ಕೆ ಸರ್ಕಾರ ಎಲ್ಲಾ ಕ್ರಮ ಕೈಗೊಂಡಿದೆ. ಜನರು ಸಹಕರಿಸಬೇಕು ಎಂದು ಮನವಿ ಮಾಡಿದರು. ವಸತಿ ಯೋಜನೆಯಡಿ ಮೈಸೂರು ಜಿಲ್ಲೆಗೆ ಹೆಚ್ಚುವರಿ ಮನೆಗಳನ್ನು ಮಂಜೂರು ಮಾಡಲಾಗುವುದು. ಅಧಿಕಾರಿಗಳು ಪಾರದರ್ಶಕವಾಗಿ ಫಲಾನುಭವಿಗಳನ್ನು ಆಯ್ಕೆ ಮಾಡಬೇಕು ಎಂದು ಸೂಚಿಸಿದರು.
